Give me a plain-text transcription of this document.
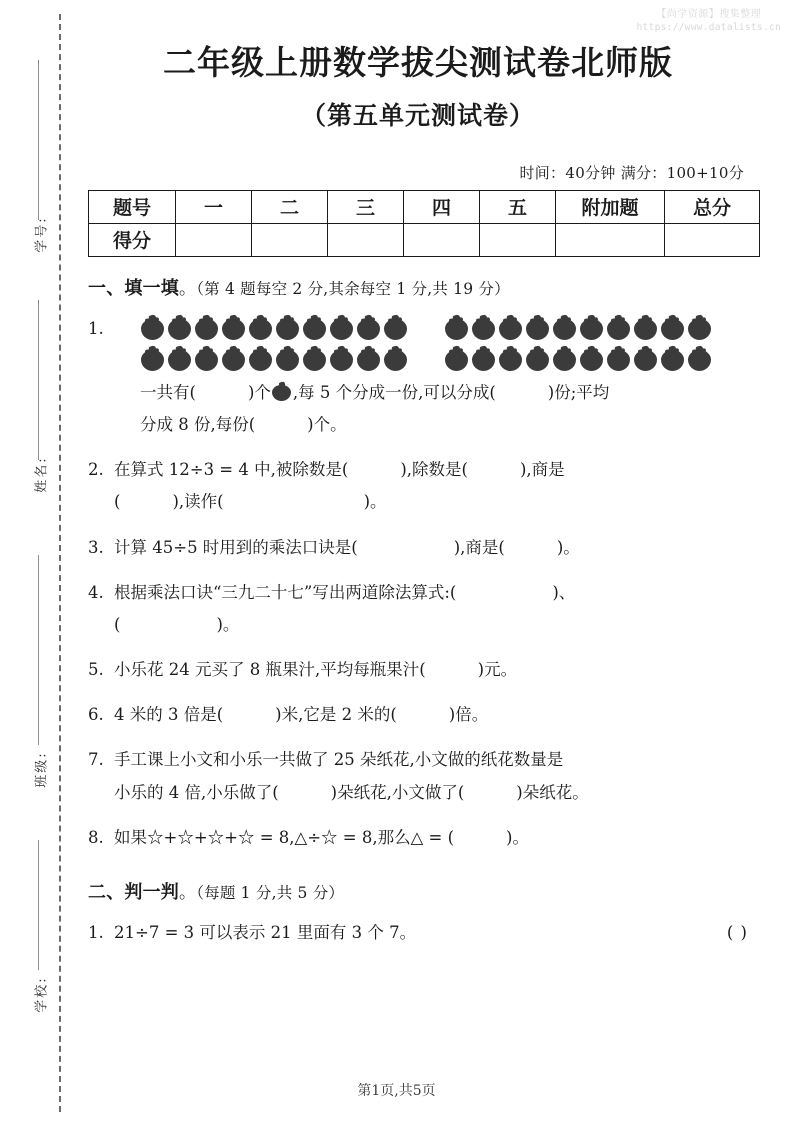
【尚学资源】搜集整理
https://www.datalists.cn
学号:
姓名:
班级:
学校:
二年级上册数学拔尖测试卷北师版
（第五单元测试卷）
时间：40分钟 满分：100+10分
题号	一	二	三	四	五	附加题	总分
得分							
一、填一填。（第 4 题每空 2 分,其余每空 1 分,共 19 分）
1.
一共有(	)个 ,每 5 个分成一份,可以分成(	)份;平均
分成 8 份,每份(	)个。
2. 在算式 12÷3 = 4 中,被除数是(	),除数是(	),商是
(	),读作(	)。
3. 计算 45÷5 时用到的乘法口诀是(	),商是(	)。
4. 根据乘法口诀“三九二十七”写出两道除法算式:(	)、
(	)。
5. 小乐花 24 元买了 8 瓶果汁,平均每瓶果汁(	)元。
6. 4 米的 3 倍是(	)米,它是 2 米的(	)倍。
7. 手工课上小文和小乐一共做了 25 朵纸花,小文做的纸花数量是
小乐的 4 倍,小乐做了(	)朵纸花,小文做了(	)朵纸花。
8. 如果☆+☆+☆+☆ = 8,△÷☆ = 8,那么△ = (	)。
二、判一判。（每题 1 分,共 5 分）
1.	( )
21÷7 = 3 可以表示 21 里面有 3 个 7。
第1页,共5页
